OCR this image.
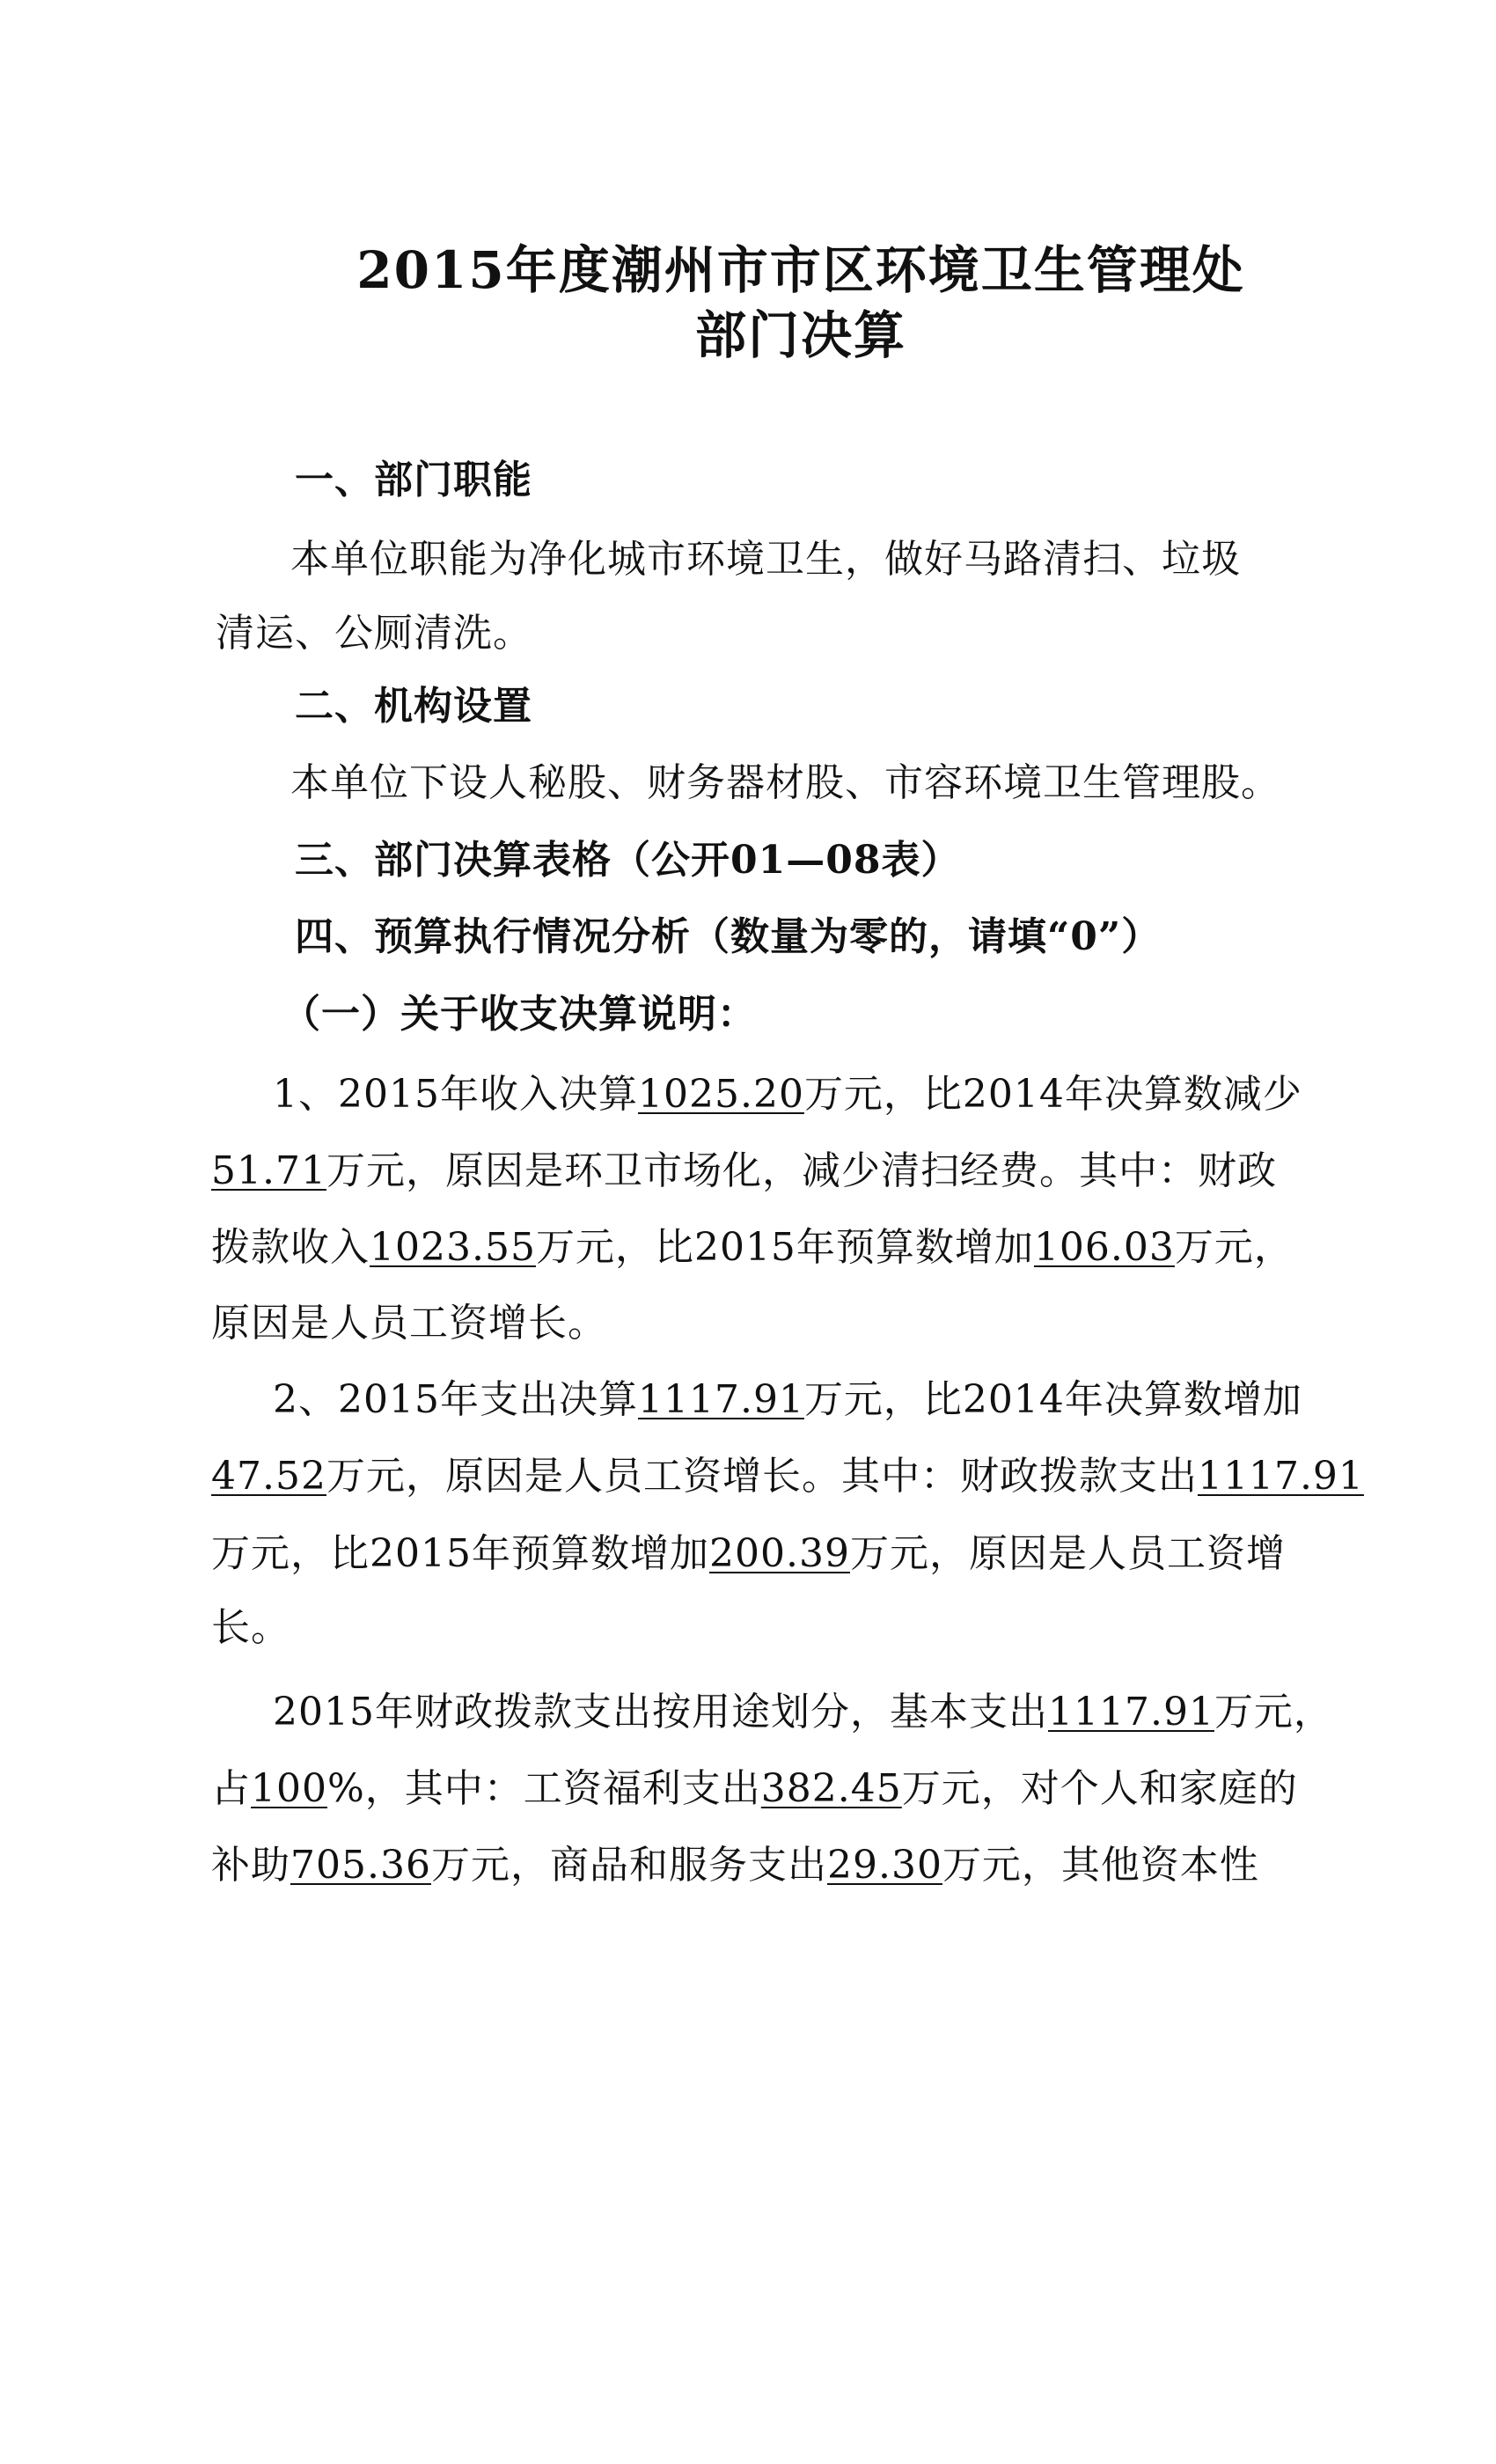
2015年度潮州市市区环境卫生管理处
部门决算
一、部门职能
本单位职能为净化城市环境卫生，做好马路清扫、垃圾
清运、公厕清洗。
二、机构设置
本单位下设人秘股、财务器材股、市容环境卫生管理股。
三、部门决算表格（公开01—08表）
四、预算执行情况分析（数量为零的，请填“0”）
（一）关于收支决算说明：
1、2015年收入决算1025.20万元，比2014年决算数减少
51.71万元，原因是环卫市场化，减少清扫经费。其中：财政
拨款收入1023.55万元，比2015年预算数增加106.03万元，
原因是人员工资增长。
2、2015年支出决算1117.91万元，比2014年决算数增加
47.52万元，原因是人员工资增长。其中：财政拨款支出1117.91
万元，比2015年预算数增加200.39万元，原因是人员工资增
长。
2015年财政拨款支出按用途划分，基本支出1117.91万元，
占100%，其中：工资福利支出382.45万元，对个人和家庭的
补助705.36万元，商品和服务支出29.30万元，其他资本性
